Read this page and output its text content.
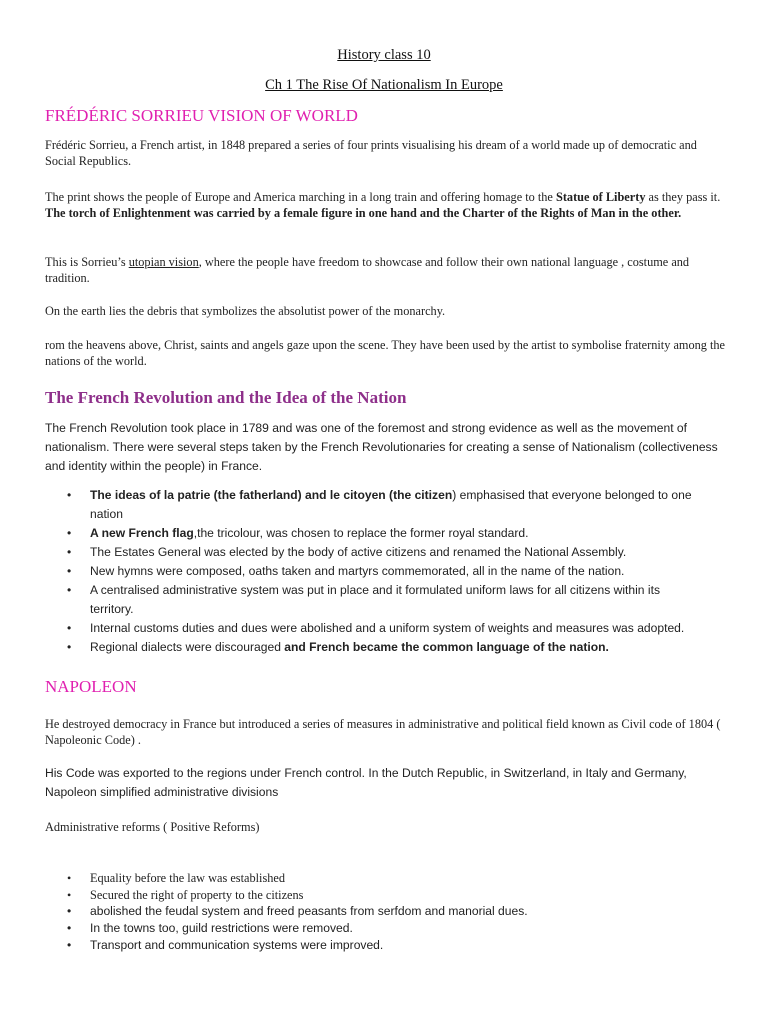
History class 10
Ch 1 The Rise Of Nationalism In Europe
FRÉDÉRIC SORRIEU VISION OF WORLD
Frédéric Sorrieu, a French artist, in 1848 prepared a series of four prints visualising his dream of a world made up of democratic and Social Republics.
The print shows the people of Europe and America marching in a long train and offering homage to the Statue of Liberty as they pass it. The torch of Enlightenment was carried by a female figure in one hand and the Charter of the Rights of Man in the other.
This is Sorrieu’s utopian vision, where the people have freedom to showcase and follow their own national language , costume and tradition.
On the earth lies the debris that symbolizes the absolutist power of the monarchy.
rom the heavens above, Christ, saints and angels gaze upon the scene. They have been used by the artist to symbolise fraternity among the nations of the world.
The French Revolution and the Idea of the Nation
The French Revolution took place in 1789 and was one of the foremost and strong evidence as well as the movement of nationalism. There were several steps taken by the French Revolutionaries for creating a sense of Nationalism (collectiveness and identity within the people) in France.
• The ideas of la patrie (the fatherland) and le citoyen (the citizen) emphasised that everyone belonged to one nation
• A new French flag,the tricolour, was chosen to replace the former royal standard.
• The Estates General was elected by the body of active citizens and renamed the National Assembly.
• New hymns were composed, oaths taken and martyrs commemorated, all in the name of the nation.
• A centralised administrative system was put in place and it formulated uniform laws for all citizens within its territory.
• Internal customs duties and dues were abolished and a uniform system of weights and measures was adopted.
• Regional dialects were discouraged and French became the common language of the nation.
NAPOLEON
He destroyed democracy in France but introduced a series of measures in administrative and political field known as Civil code of 1804 ( Napoleonic Code) .
His Code was exported to the regions under French control. In the Dutch Republic, in Switzerland, in Italy and Germany, Napoleon simplified administrative divisions
Administrative reforms ( Positive Reforms)
• Equality before the law was established
• Secured the right of property to the citizens
• abolished the feudal system and freed peasants from serfdom and manorial dues.
• In the towns too, guild restrictions were removed.
• Transport and communication systems were improved.
